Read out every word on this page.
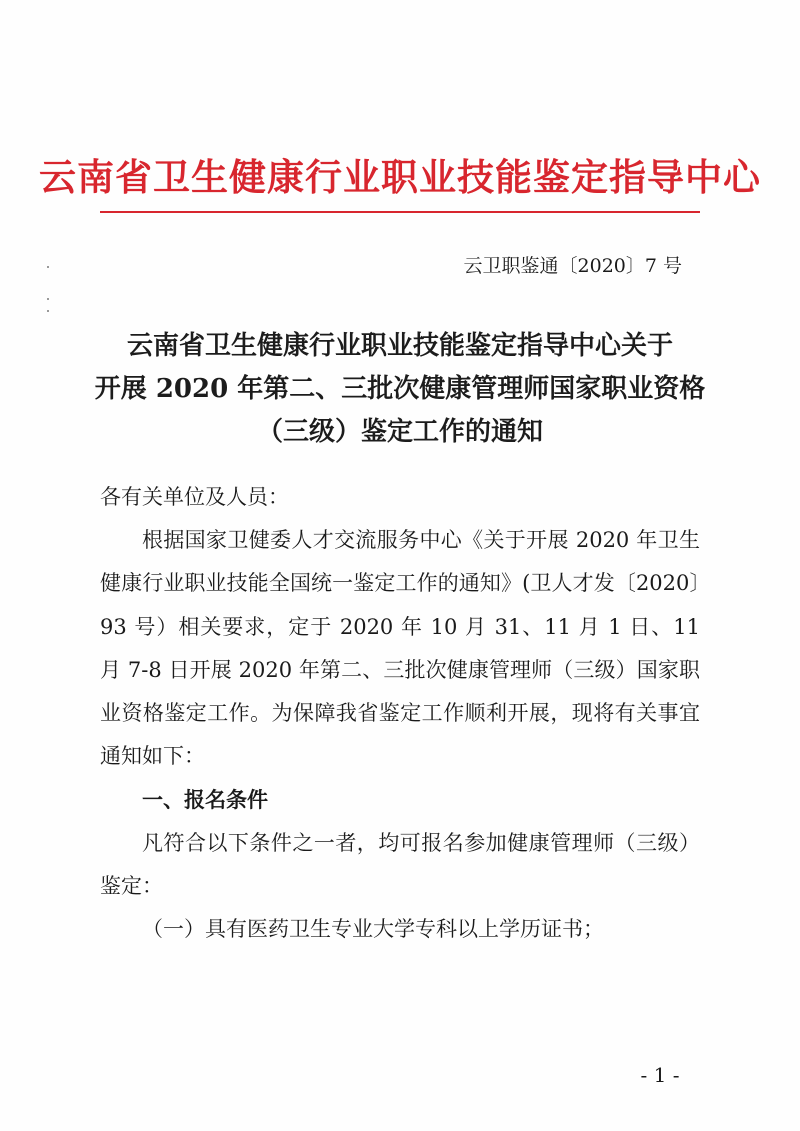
云南省卫生健康行业职业技能鉴定指导中心
云卫职鉴通〔2020〕7 号
云南省卫生健康行业职业技能鉴定指导中心关于
开展 2020 年第二、三批次健康管理师国家职业资格
（三级）鉴定工作的通知

各有关单位及人员：

根据国家卫健委人才交流服务中心《关于开展 2020 年卫生健康行业职业技能全国统一鉴定工作的通知》(卫人才发〔2020〕93 号）相关要求，定于 2020 年 10 月 31、11 月 1 日、11 月 7-8 日开展 2020 年第二、三批次健康管理师（三级）国家职业资格鉴定工作。为保障我省鉴定工作顺利开展，现将有关事宜通知如下：

一、报名条件

凡符合以下条件之一者，均可报名参加健康管理师（三级）鉴定：

（一）具有医药卫生专业大学专科以上学历证书；

- 1 -
